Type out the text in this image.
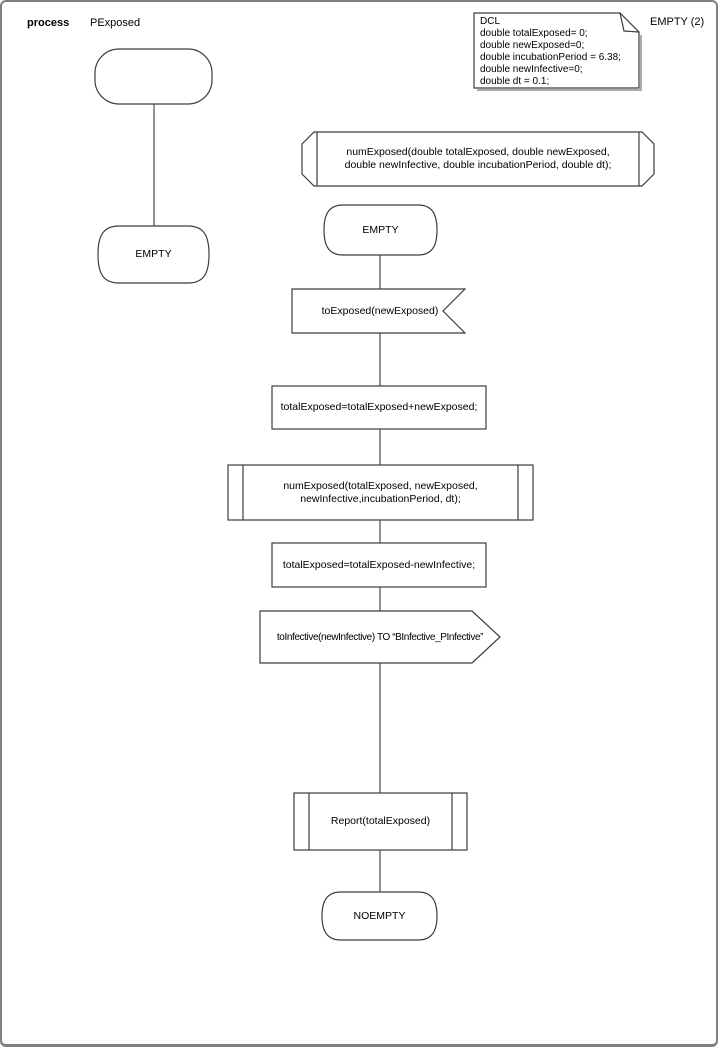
process PExposed	EMPTY (2)
DCL
double totalExposed= 0;
double newExposed=0;
double incubationPeriod = 6.38;
double newInfective=0;
double dt = 0.1;
numExposed(double totalExposed, double newExposed,
double newInfective, double incubationPeriod, double dt);
EMPTY
EMPTY
toExposed(newExposed)
totalExposed=totalExposed+newExposed;
numExposed(totalExposed, newExposed,
newInfective,incubationPeriod, dt);
totalExposed=totalExposed-newInfective;
toInfective(newInfective) TO “BInfective_PInfective”
Report(totalExposed)
NOEMPTY
